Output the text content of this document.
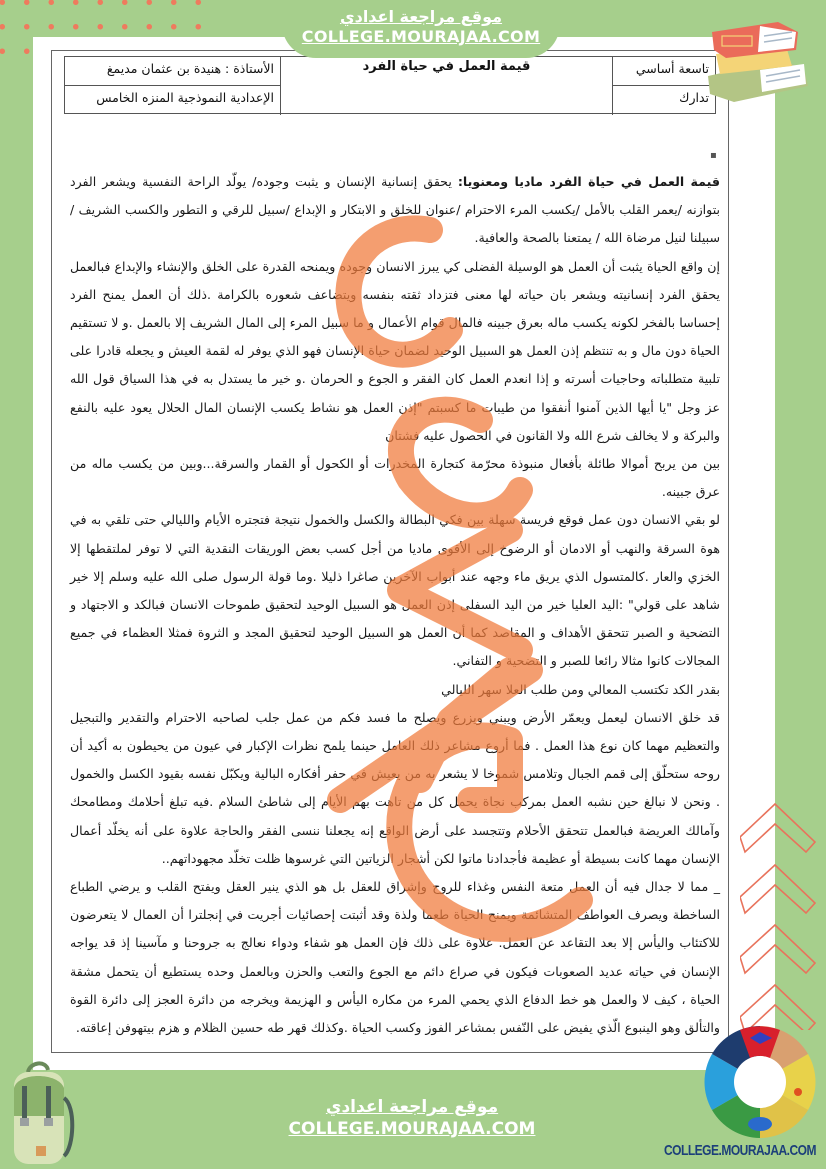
موقع مراجعة اعدادي
COLLEGE.MOURAJAA.COM
الأستاذة : هنيدة بن عثمان مديمغ
الإعدادية النموذجية المنزه الخامس
قيمة العمل في حياة الفرد	تاسعة أساسي
تدارك
▪

قيمة العمل في حياة الفرد ماديا ومعنويا: يحقق إنسانية الإنسان و يثبت وجوده/ يولّد الراحة النفسية ويشعر الفرد بتوازنه /يعمر القلب بالأمل /يكسب المرء الاحترام /عنوان للخلق و الابتكار و الإبداع /سبيل للرقي و التطور والكسب الشريف / سبيلنا لنيل مرضاة الله / يمتعنا بالصحة والعافية.

إن واقع الحياة يثبت أن العمل هو الوسيلة الفضلى كي يبرز الانسان وجوده ويمنحه القدرة على الخلق والإنشاء والإبداع فبالعمل يحقق الفرد إنسانيته ويشعر بان حياته لها معنى فتزداد ثقته بنفسه ويتضاعف شعوره بالكرامة .ذلك أن العمل يمنح الفرد إحساسا بالفخر لكونه يكسب ماله بعرق جبينه فالمال قوام الأعمال و ما سبيل المرء إلى المال الشريف إلا بالعمل .و لا تستقيم الحياة دون مال و به تنتظم إذن العمل هو السبيل الوحيد لضمان حياة الإنسان فهو الذي يوفر له لقمة العيش و يجعله قادرا على تلبية متطلباته وحاجيات أسرته و إذا انعدم العمل كان الفقر و الجوع و الحرمان .و خير ما يستدل به في هذا السياق قول الله عز وجل "يا أيها الذين آمنوا أنفقوا من طيبات ما كسبتم "إذن العمل هو نشاط يكسب الإنسان المال الحلال يعود عليه بالنفع والبركة و لا يخالف شرع الله ولا القانون في الحصول عليه فشتان

بين من يربح أموالا طائلة بأفعال منبوذة محرّمة كتجارة المخدرات أو الكحول أو القمار والسرقة...وبين من يكسب ماله من عرق جبينه.

لو بقي الانسان دون عمل فوقع فريسة سهلة بين فكي البطالة والكسل والخمول نتيجة فتجتره الأيام والليالي حتى تلقي به في هوة السرقة والنهب أو الادمان أو الرضوخ إلى الأقوى ماديا من أجل كسب بعض الوريقات النقدية التي لا توفر لملتقطها إلا الخزي والعار .كالمتسول الذي يريق ماء وجهه عند أبواب الآخرين صاغرا ذليلا .وما قولة الرسول صلى الله عليه وسلم إلا خير شاهد على قولي" :اليد العليا خير من اليد السفلى إذن العمل هو السبيل الوحيد لتحقيق طموحات الانسان فبالكد و الاجتهاد و التضحية و الصبر تتحقق الأهداف و المقاصد كما أن العمل هو السبيل الوحيد لتحقيق المجد و الثروة فمثلا العظماء في جميع المجالات كانوا مثالا رائعا للصبر و التضحية و التفاني.

بقدر الكد تكتسب المعالي ومن طلب العلا سهر الليالي

قد خلق الانسان ليعمل ويعمّر الأرض ويبني ويزرع ويصلح ما فسد فكم من عمل جلب لصاحبه الاحترام والتقدير والتبجيل والتعظيم مهما كان نوع هذا العمل . فما أروع مشاعر ذلك العامل حينما يلمح نظرات الإكبار في عيون من يحيطون به أكيد أن روحه ستحلّق إلى قمم الجبال وتلامس شموخا لا يشعر به من يعيش في حفر أفكاره البالية ويكبّل نفسه بقيود الكسل والخمول . ونحن لا نبالغ حين نشبه العمل بمركب نجاة يحمل كل من تاهت بهم الأيام إلى شاطئ السلام .فيه تبلغ أحلامك ومطامحك وآمالك العريضة فبالعمل تتحقق الأحلام وتتجسد على أرض الواقع إنه يجعلنا ننسى الفقر والحاجة علاوة على أنه يخلّد أعمال الإنسان مهما كانت بسيطة أو عظيمة فأجدادنا ماتوا لكن أشجار الزياتين التي غرسوها ظلت تخلّد مجهوداتهم..

_ مما لا جدال فيه أن العمل متعة النفس وغذاء للروح وإشراق للعقل بل هو الذي ينير العقل ويفتح القلب و يرضي الطباع الساخطة ويصرف العواطف المتشائمة ويمنح الحياة طعما ولذة وقد أثبتت إحصائيات أجريت في إنجلترا أن العمال لا يتعرضون للاكتئاب واليأس إلا بعد التقاعد عن العمل. علاوة على ذلك فإن العمل هو شفاء ودواء نعالج به جروحنا و مآسينا إذ قد يواجه الإنسان في حياته عديد الصعوبات فيكون في صراع دائم مع الجوع والتعب والحزن وبالعمل وحده يستطيع أن يتحمل مشقة الحياة ، كيف لا والعمل هو خط الدفاع الذي يحمي المرء من مكاره اليأس و الهزيمة ويخرجه من دائرة العجز إلى دائرة القوة والتألق وهو الينبوع الّذي يفيض على النّفس بمشاعر الفوز وكسب الحياة .وكذلك قهر طه حسين الظلام و هزم بيتهوفن إعاقته.

موقع مراجعة اعدادي
COLLEGE.MOURAJAA.COM
COLLEGE.MOURAJAA.COM
